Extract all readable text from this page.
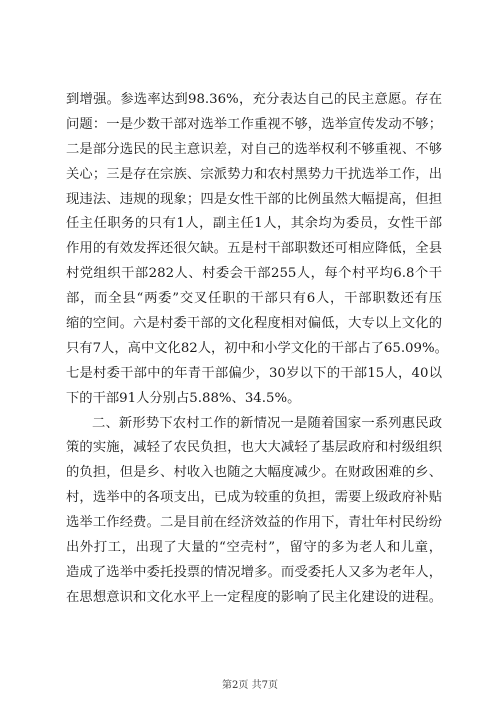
到增强。参选率达到98.36%，充分表达自己的民主意愿。存在
问题：一是少数干部对选举工作重视不够，选举宣传发动不够；
二是部分选民的民主意识差，对自己的选举权利不够重视、不够
关心；三是存在宗族、宗派势力和农村黑势力干扰选举工作，出
现违法、违规的现象；四是女性干部的比例虽然大幅提高，但担
任主任职务的只有1人，副主任1人，其余均为委员，女性干部
作用的有效发挥还很欠缺。五是村干部职数还可相应降低，全县
村党组织干部282人、村委会干部255人，每个村平均6.8个干
部，而全县“两委”交叉任职的干部只有6人，干部职数还有压
缩的空间。六是村委干部的文化程度相对偏低，大专以上文化的
只有7人，高中文化82人，初中和小学文化的干部占了65.09%。
七是村委干部中的年青干部偏少，30岁以下的干部15人，40以
下的干部91人分别占5.88%、34.5%。
二、新形势下农村工作的新情况一是随着国家一系列惠民政
策的实施，减轻了农民负担，也大大减轻了基层政府和村级组织
的负担，但是乡、村收入也随之大幅度减少。在财政困难的乡、
村，选举中的各项支出，已成为较重的负担，需要上级政府补贴
选举工作经费。二是目前在经济效益的作用下，青壮年村民纷纷
出外打工，出现了大量的“空壳村”，留守的多为老人和儿童，
造成了选举中委托投票的情况增多。而受委托人又多为老年人，
在思想意识和文化水平上一定程度的影响了民主化建设的进程。
第2页 共7页
